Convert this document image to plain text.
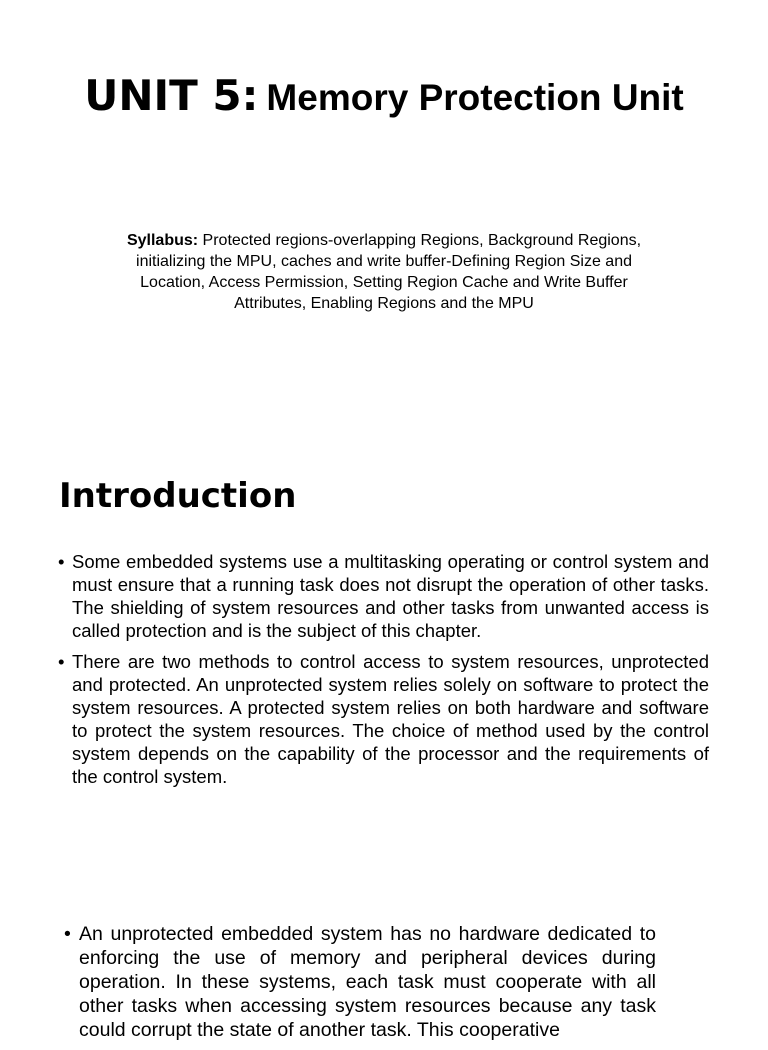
UNIT 5: Memory Protection Unit

Syllabus: Protected regions-overlapping Regions, Background Regions, initializing the MPU, caches and write buffer-Defining Region Size and Location, Access Permission, Setting Region Cache and Write Buffer Attributes, Enabling Regions and the MPU

Introduction
• Some embedded systems use a multitasking operating or control system and must ensure that a running task does not disrupt the operation of other tasks. The shielding of system resources and other tasks from unwanted access is called protection and is the subject of this chapter.
• There are two methods to control access to system resources, unprotected and protected. An unprotected system relies solely on software to protect the system resources. A protected system relies on both hardware and software to protect the system resources. The choice of method used by the control system depends on the capability of the processor and the requirements of the control system.
• An unprotected embedded system has no hardware dedicated to enforcing the use of memory and peripheral devices during operation. In these systems, each task must cooperate with all other tasks when accessing system resources because any task could corrupt the state of another task. This cooperative
